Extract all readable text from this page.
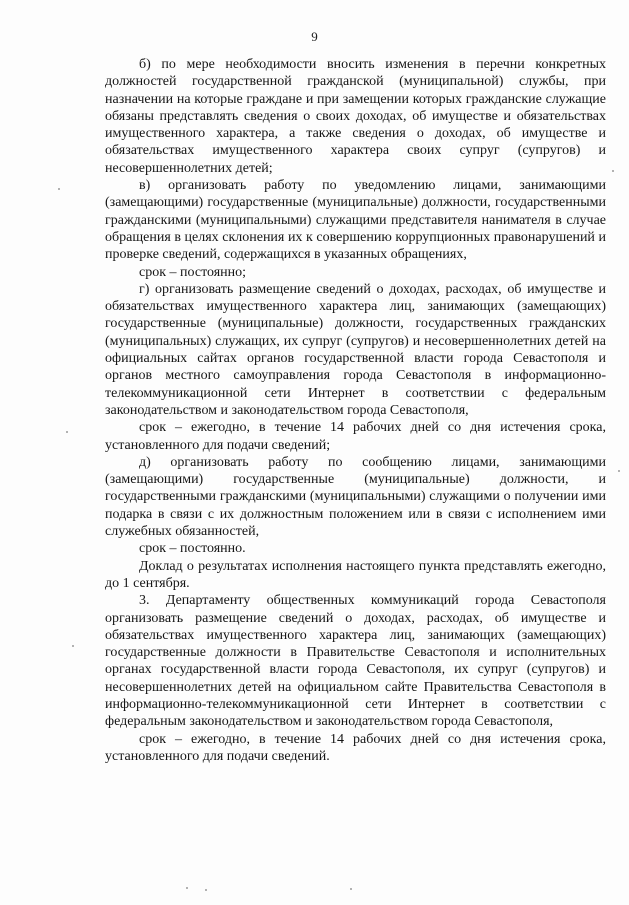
9

б) по мере необходимости вносить изменения в перечни конкретных должностей государственной гражданской (муниципальной) службы, при назначении на которые граждане и при замещении которых гражданские служащие обязаны представлять сведения о своих доходах, об имуществе и обязательствах имущественного характера, а также сведения о доходах, об имуществе и обязательствах имущественного характера своих супруг (супругов) и несовершеннолетних детей;

в) организовать работу по уведомлению лицами, занимающими (замещающими) государственные (муниципальные) должности, государственными гражданскими (муниципальными) служащими представителя нанимателя в случае обращения в целях склонения их к совершению коррупционных правонарушений и проверке сведений, содержащихся в указанных обращениях,

срок – постоянно;

г) организовать размещение сведений о доходах, расходах, об имуществе и обязательствах имущественного характера лиц, занимающих (замещающих) государственные (муниципальные) должности, государственных гражданских (муниципальных) служащих, их супруг (супругов) и несовершеннолетних детей на официальных сайтах органов государственной власти города Севастополя и органов местного самоуправления города Севастополя в информационно-телекоммуникационной сети Интернет в соответствии с федеральным законодательством и законодательством города Севастополя,

срок – ежегодно, в течение 14 рабочих дней со дня истечения срока, установленного для подачи сведений;

д) организовать работу по сообщению лицами, занимающими (замещающими) государственные (муниципальные) должности, и государственными гражданскими (муниципальными) служащими о получении ими подарка в связи с их должностным положением или в связи с исполнением ими служебных обязанностей,

срок – постоянно.

Доклад о результатах исполнения настоящего пункта представлять ежегодно, до 1 сентября.

3. Департаменту общественных коммуникаций города Севастополя организовать размещение сведений о доходах, расходах, об имуществе и обязательствах имущественного характера лиц, занимающих (замещающих) государственные должности в Правительстве Севастополя и исполнительных органах государственной власти города Севастополя, их супруг (супругов) и несовершеннолетних детей на официальном сайте Правительства Севастополя в информационно-телекоммуникационной сети Интернет в соответствии с федеральным законодательством и законодательством города Севастополя,

срок – ежегодно, в течение 14 рабочих дней со дня истечения срока, установленного для подачи сведений.
